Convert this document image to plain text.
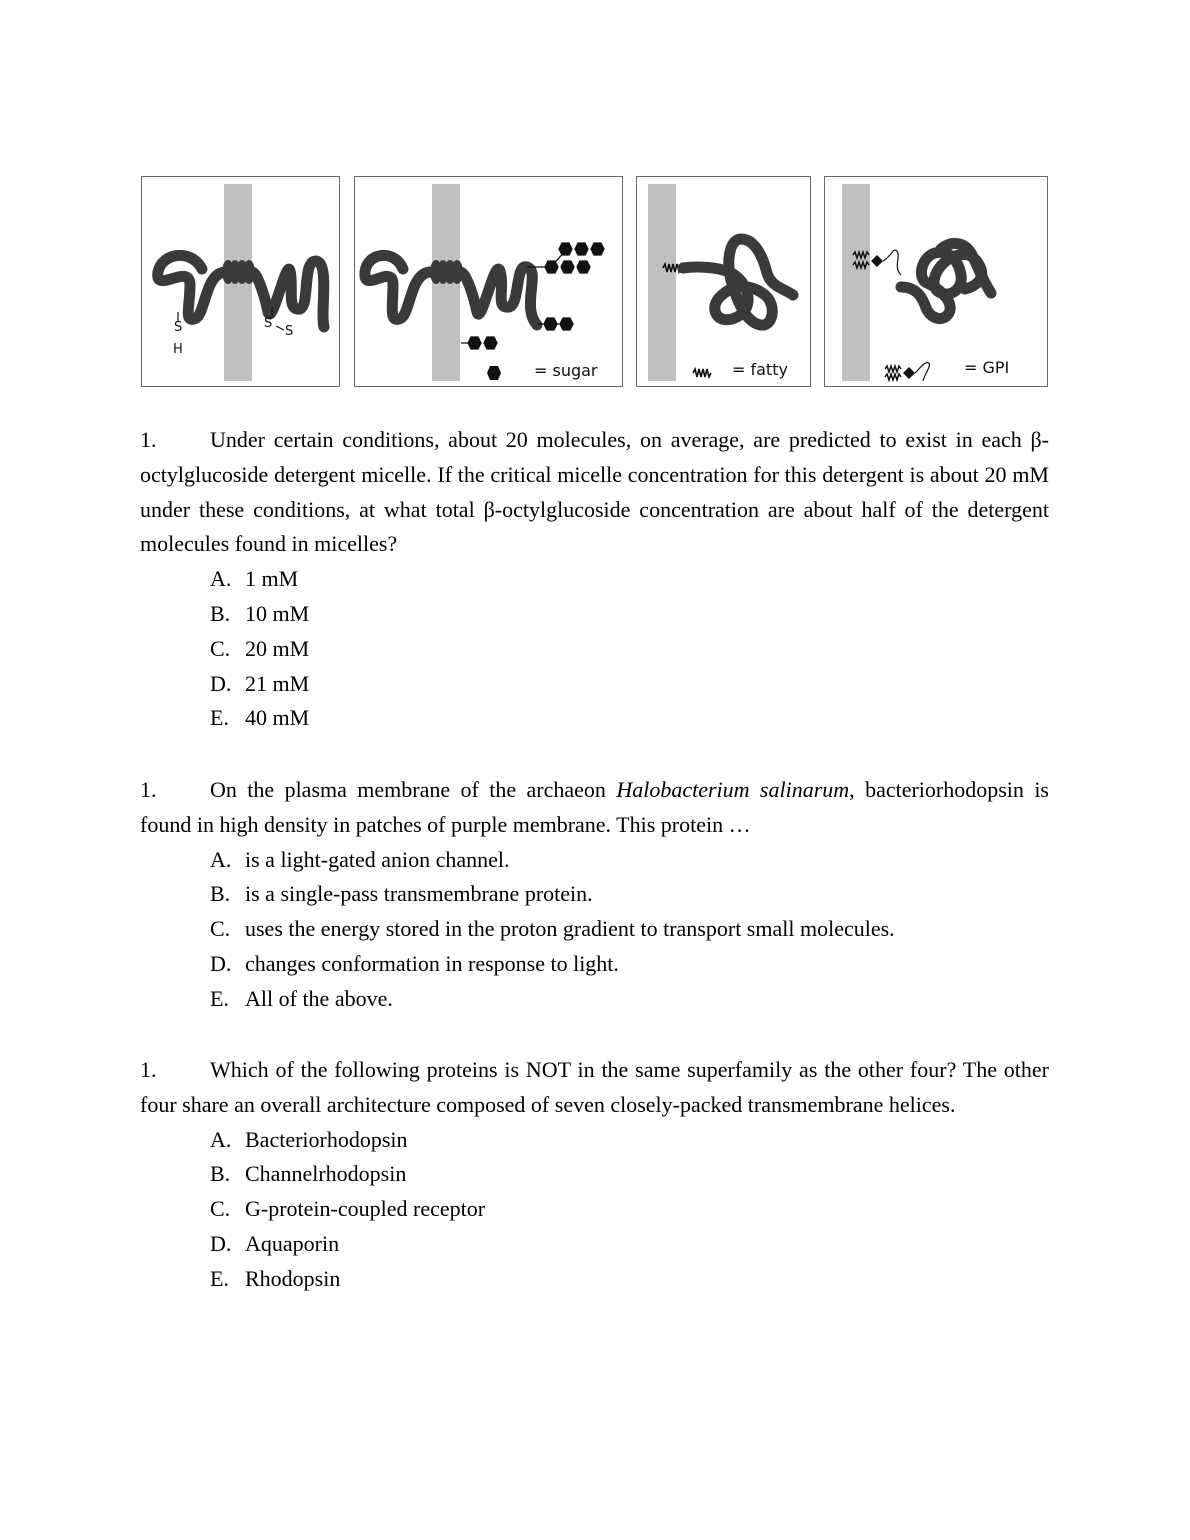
S
H
S
S
= sugar	= fatty	= GPI

1. Under certain conditions, about 20 molecules, on average, are predicted to exist in each β-octylglucoside detergent micelle. If the critical micelle concentration for this detergent is about 20 mM under these conditions, at what total β-octylglucoside concentration are about half of the detergent molecules found in micelles?

A. 1 mM
B. 10 mM
C. 20 mM
D. 21 mM
E. 40 mM

1. On the plasma membrane of the archaeon Halobacterium salinarum, bacteriorhodopsin is found in high density in patches of purple membrane. This protein …

A. is a light-gated anion channel.
B. is a single-pass transmembrane protein.
C. uses the energy stored in the proton gradient to transport small molecules.
D. changes conformation in response to light.
E. All of the above.

1. Which of the following proteins is NOT in the same superfamily as the other four? The other four share an overall architecture composed of seven closely-packed transmembrane helices.

A. Bacteriorhodopsin
B. Channelrhodopsin
C. G-protein-coupled receptor
D. Aquaporin
E. Rhodopsin
